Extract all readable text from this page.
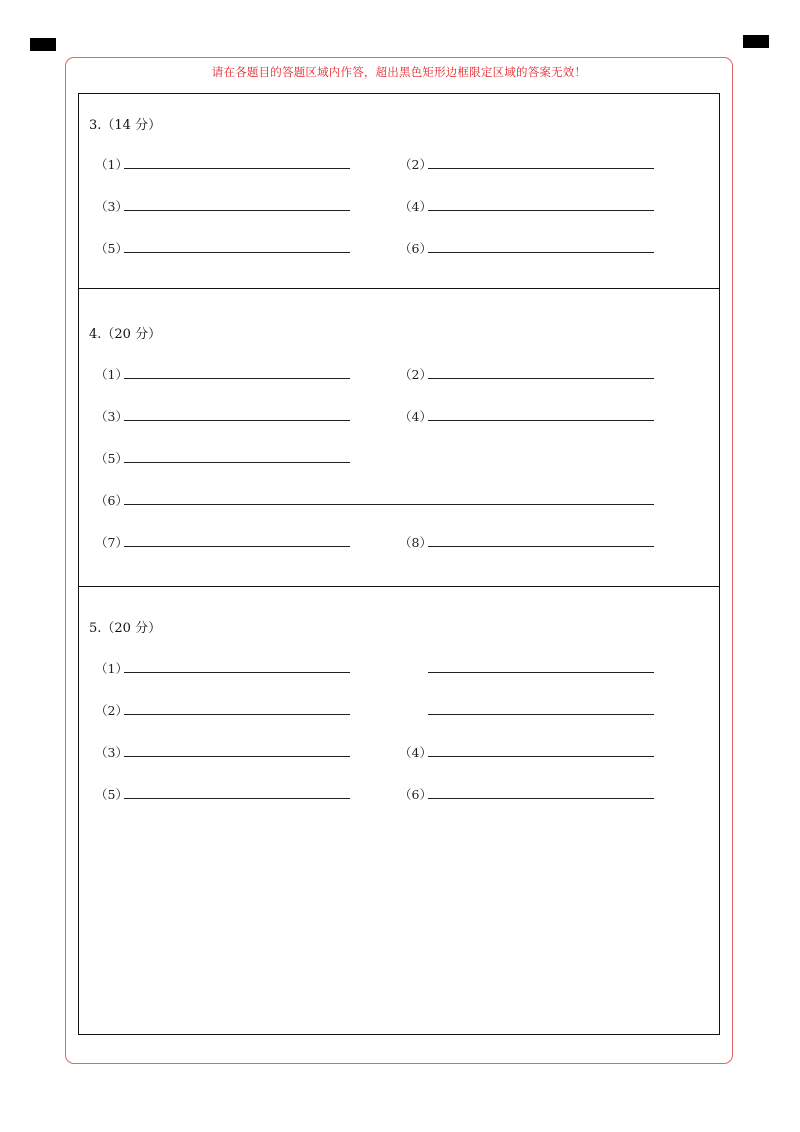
请在各题目的答题区域内作答，超出黑色矩形边框限定区域的答案无效！
3.（14 分）
（1）	（2）
（3）	（4）
（5）	（6）
4.（20 分）
（1）	（2）
（3）	（4）
（5）
（6）
（7）	（8）
5.（20 分）
（1）
（2）
（3）	（4）
（5）	（6）
